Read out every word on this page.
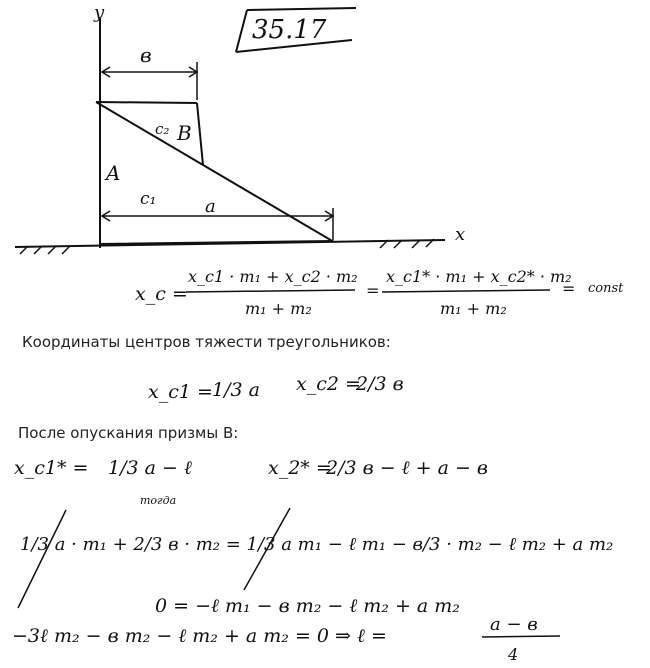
35.17
y
x
в
a
A
B
c₁
c₂
x_c =
x_c1 · m₁ + x_c2 · m₂
m₁ + m₂
=
x_c1* · m₁ + x_c2* · m₂
m₁ + m₂
= const
x_c1 = 1/3 a x_c2 =
2/3 в
x_c1* = 1/3 a − ℓ
тогда
x_2* =
2/3 в − ℓ + a − в
1/3 a · m₁ + 2/3 в · m₂ = 1/3 a m₁ − ℓ m₁ − в/3 · m₂ − ℓ m₂ + a m₂
0 = −ℓ m₁ − в m₂ − ℓ m₂ + a m₂
−3ℓ m₂ − в m₂ − ℓ m₂ + a m₂ = 0 ⇒ ℓ =
a − в
4
Координаты центров тяжести треугольников:
После опускания призмы В:
